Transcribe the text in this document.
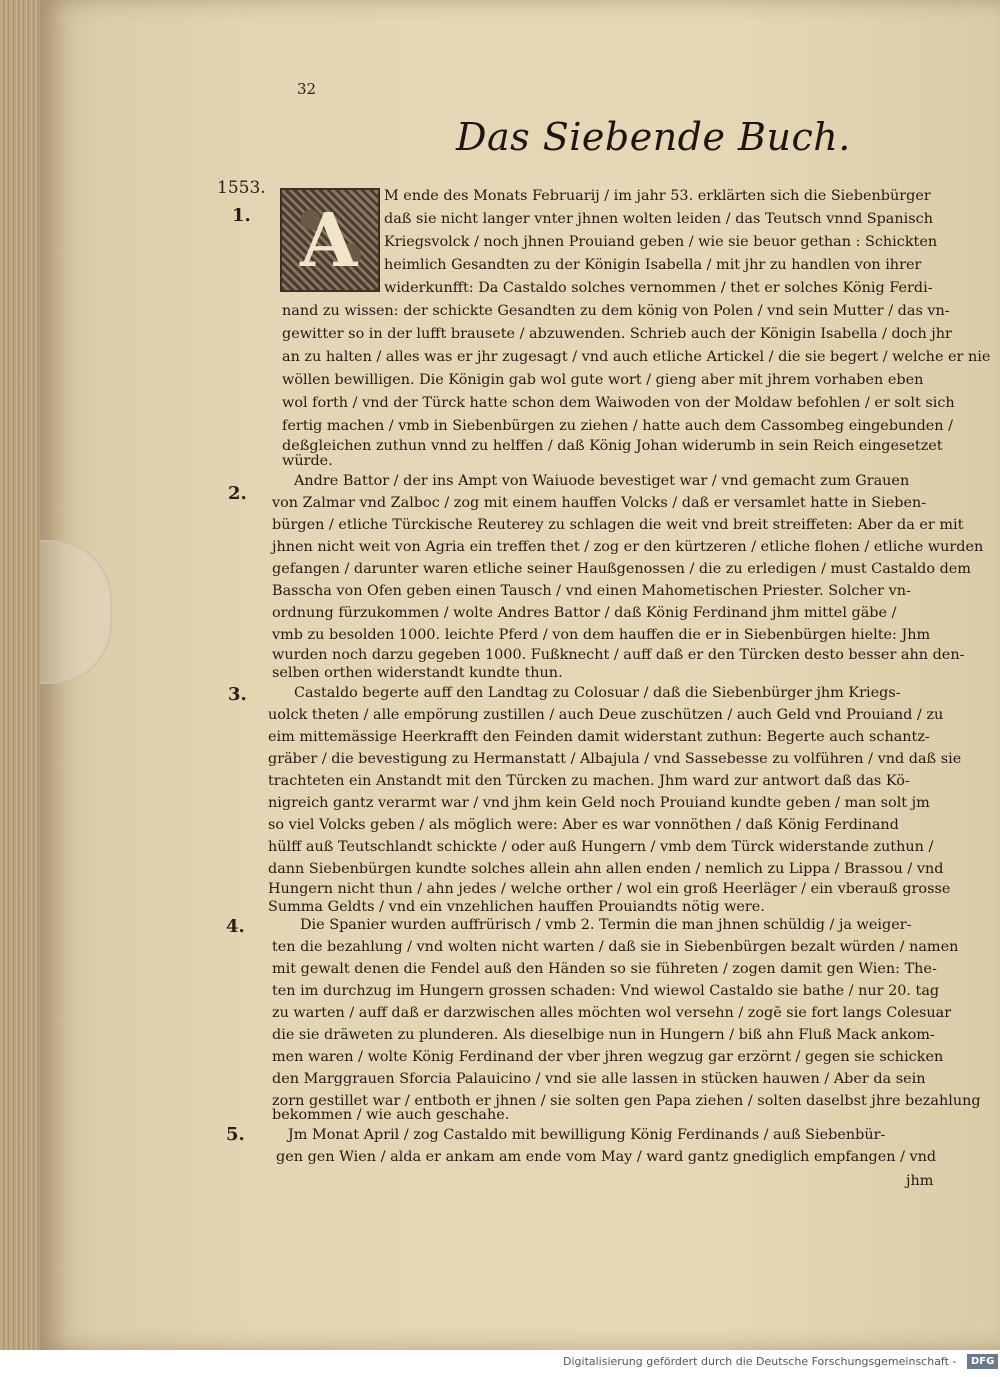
32
Das Siebende Buch.
1553.
1.
2.
3.
4.
5.
A
M ende des Monats Februarij / im jahr 53. erklärten sich die Siebenbürger
daß sie nicht langer vnter jhnen wolten leiden / das Teutsch vnnd Spanisch
Kriegsvolck / noch jhnen Prouiand geben / wie sie beuor gethan : Schickten
heimlich Gesandten zu der Königin Isabella / mit jhr zu handlen von ihrer
widerkunfft: Da Castaldo solches vernommen / thet er solches König Ferdi-
nand zu wissen: der schickte Gesandten zu dem könig von Polen / vnd sein Mutter / das vn-
gewitter so in der lufft brausete / abzuwenden. Schrieb auch der Königin Isabella / doch jhr
an zu halten / alles was er jhr zugesagt / vnd auch etliche Artickel / die sie begert / welche er nie
wöllen bewilligen. Die Königin gab wol gute wort / gieng aber mit jhrem vorhaben eben
wol forth / vnd der Türck hatte schon dem Waiwoden von der Moldaw befohlen / er solt sich
fertig machen / vmb in Siebenbürgen zu ziehen / hatte auch dem Cassombeg eingebunden /
deßgleichen zuthun vnnd zu helffen / daß König Johan widerumb in sein Reich eingesetzet
würde.
Andre Battor / der ins Ampt von Waiuode bevestiget war / vnd gemacht zum Grauen
von Zalmar vnd Zalboc / zog mit einem hauffen Volcks / daß er versamlet hatte in Sieben-
bürgen / etliche Türckische Reuterey zu schlagen die weit vnd breit streiffeten: Aber da er mit
jhnen nicht weit von Agria ein treffen thet / zog er den kürtzeren / etliche flohen / etliche wurden
gefangen / darunter waren etliche seiner Haußgenossen / die zu erledigen / must Castaldo dem
Basscha von Ofen geben einen Tausch / vnd einen Mahometischen Priester. Solcher vn-
ordnung fürzukommen / wolte Andres Battor / daß König Ferdinand jhm mittel gäbe /
vmb zu besolden 1000. leichte Pferd / von dem hauffen die er in Siebenbürgen hielte: Jhm
wurden noch darzu gegeben 1000. Fußknecht / auff daß er den Türcken desto besser ahn den-
selben orthen widerstandt kundte thun.
Castaldo begerte auff den Landtag zu Colosuar / daß die Siebenbürger jhm Kriegs-
uolck theten / alle empörung zustillen / auch Deue zuschützen / auch Geld vnd Prouiand / zu
eim mittemässige Heerkrafft den Feinden damit widerstant zuthun: Begerte auch schantz-
gräber / die bevestigung zu Hermanstatt / Albajula / vnd Sassebesse zu volführen / vnd daß sie
trachteten ein Anstandt mit den Türcken zu machen. Jhm ward zur antwort daß das Kö-
nigreich gantz verarmt war / vnd jhm kein Geld noch Prouiand kundte geben / man solt jm
so viel Volcks geben / als möglich were: Aber es war vonnöthen / daß König Ferdinand
hülff auß Teutschlandt schickte / oder auß Hungern / vmb dem Türck widerstande zuthun /
dann Siebenbürgen kundte solches allein ahn allen enden / nemlich zu Lippa / Brassou / vnd
Hungern nicht thun / ahn jedes / welche orther / wol ein groß Heerläger / ein vberauß grosse
Summa Geldts / vnd ein vnzehlichen hauffen Prouiandts nötig were.
Die Spanier wurden auffrürisch / vmb 2. Termin die man jhnen schüldig / ja weiger-
ten die bezahlung / vnd wolten nicht warten / daß sie in Siebenbürgen bezalt würden / namen
mit gewalt denen die Fendel auß den Händen so sie führeten / zogen damit gen Wien: The-
ten im durchzug im Hungern grossen schaden: Vnd wiewol Castaldo sie bathe / nur 20. tag
zu warten / auff daß er darzwischen alles möchten wol versehn / zogē sie fort langs Colesuar
die sie dräweten zu plunderen. Als dieselbige nun in Hungern / biß ahn Fluß Mack ankom-
men waren / wolte König Ferdinand der vber jhren wegzug gar erzörnt / gegen sie schicken
den Marggrauen Sforcia Palauicino / vnd sie alle lassen in stücken hauwen / Aber da sein
zorn gestillet war / entboth er jhnen / sie solten gen Papa ziehen / solten daselbst jhre bezahlung
bekommen / wie auch geschahe.
Jm Monat April / zog Castaldo mit bewilligung König Ferdinands / auß Siebenbür-
gen gen Wien / alda er ankam am ende vom May / ward gantz gnediglich empfangen / vnd
jhm
Digitalisierung gefördert durch die Deutsche Forschungsgemeinschaft -	DFG
